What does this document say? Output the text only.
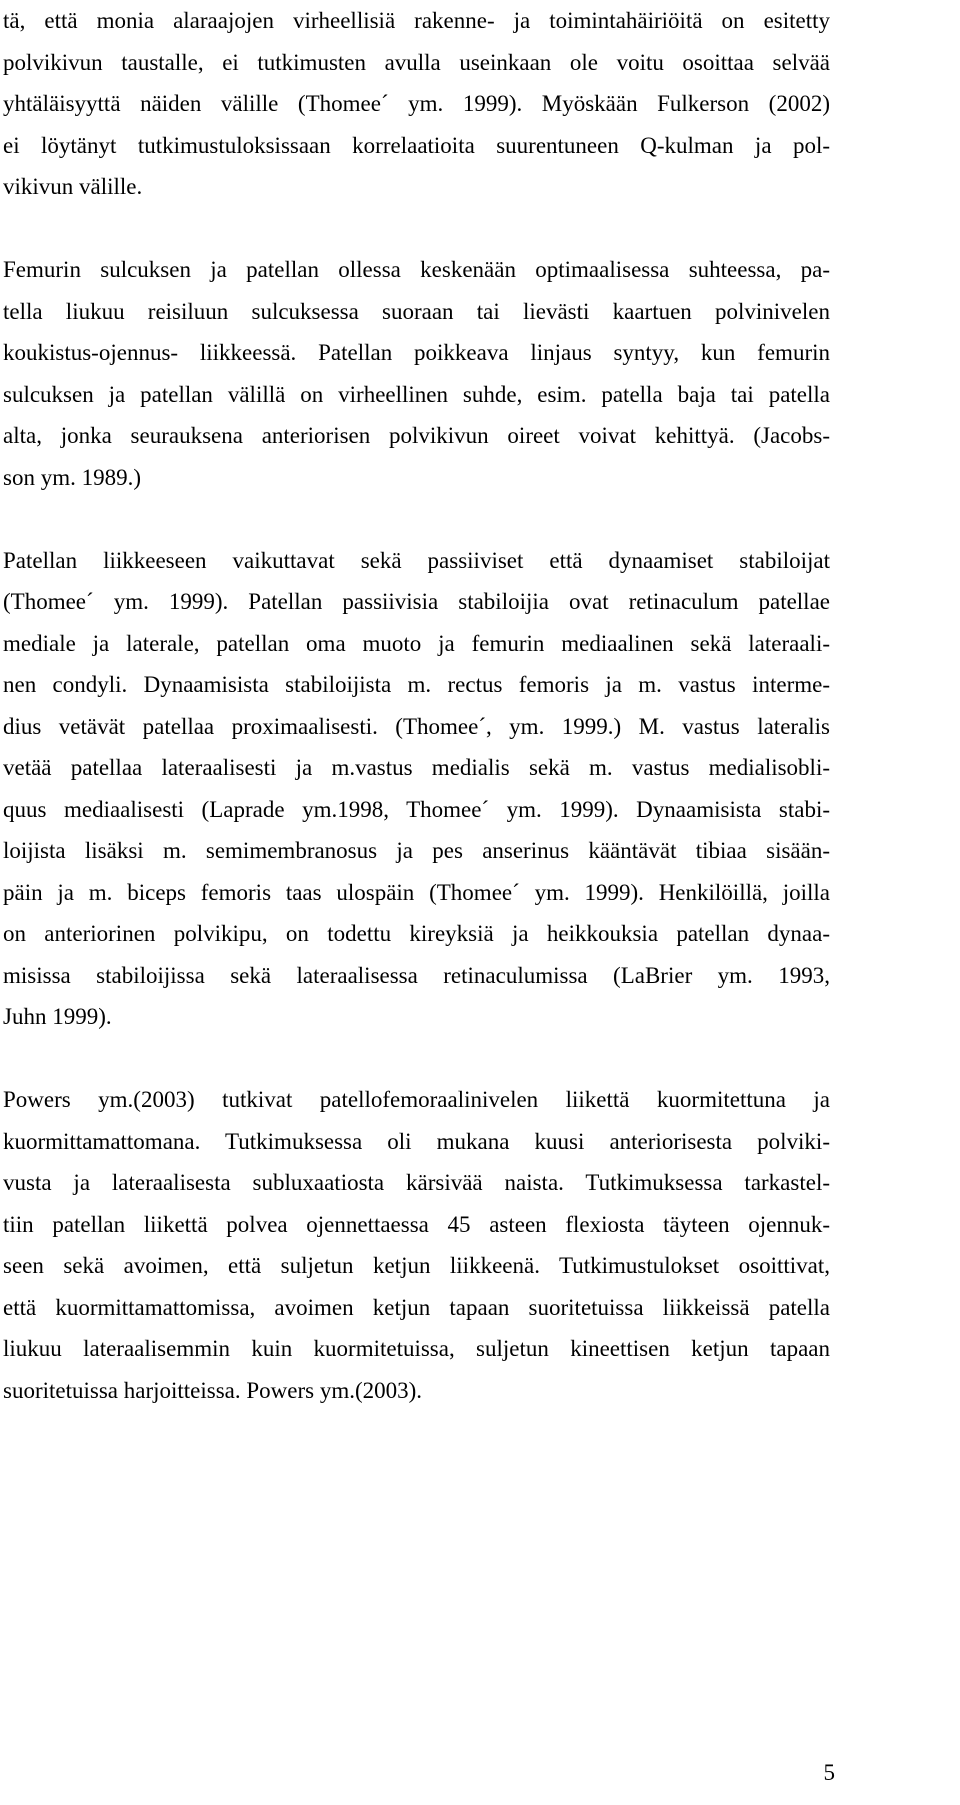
tä, että monia alaraajojen virheellisiä rakenne- ja toimintahäiriöitä on esitetty
polvikivun taustalle, ei tutkimusten avulla useinkaan ole voitu osoittaa selvää
yhtäläisyyttä näiden välille (Thomee´ ym. 1999). Myöskään Fulkerson (2002)
ei löytänyt tutkimustuloksissaan korrelaatioita suurentuneen Q-kulman ja pol-
vikivun välille.
Femurin sulcuksen ja patellan ollessa keskenään optimaalisessa suhteessa, pa-
tella liukuu reisiluun sulcuksessa suoraan tai lievästi kaartuen polvinivelen
koukistus-ojennus- liikkeessä. Patellan poikkeava linjaus syntyy, kun femurin
sulcuksen ja patellan välillä on virheellinen suhde, esim. patella baja tai patella
alta, jonka seurauksena anteriorisen polvikivun oireet voivat kehittyä. (Jacobs-
son ym. 1989.)
Patellan liikkeeseen vaikuttavat sekä passiiviset että dynaamiset stabiloijat
(Thomee´ ym. 1999). Patellan passiivisia stabiloijia ovat retinaculum patellae
mediale ja laterale, patellan oma muoto ja femurin mediaalinen sekä lateraali-
nen condyli. Dynaamisista stabiloijista m. rectus femoris ja m. vastus interme-
dius vetävät patellaa proximaalisesti. (Thomee´, ym. 1999.) M. vastus lateralis
vetää patellaa lateraalisesti ja m.vastus medialis sekä m. vastus medialisobli-
quus mediaalisesti (Laprade ym.1998, Thomee´ ym. 1999). Dynaamisista stabi-
loijista lisäksi m. semimembranosus ja pes anserinus kääntävät tibiaa sisään-
päin ja m. biceps femoris taas ulospäin (Thomee´ ym. 1999). Henkilöillä, joilla
on anteriorinen polvikipu, on todettu kireyksiä ja heikkouksia patellan dynaa-
misissa stabiloijissa sekä lateraalisessa retinaculumissa (LaBrier ym. 1993,
Juhn 1999).
Powers ym.(2003) tutkivat patellofemoraalinivelen liikettä kuormitettuna ja
kuormittamattomana. Tutkimuksessa oli mukana kuusi anteriorisesta polviki-
vusta ja lateraalisesta subluxaatiosta kärsivää naista. Tutkimuksessa tarkastel-
tiin patellan liikettä polvea ojennettaessa 45 asteen flexiosta täyteen ojennuk-
seen sekä avoimen, että suljetun ketjun liikkeenä. Tutkimustulokset osoittivat,
että kuormittamattomissa, avoimen ketjun tapaan suoritetuissa liikkeissä patella
liukuu lateraalisemmin kuin kuormitetuissa, suljetun kineettisen ketjun tapaan
suoritetuissa harjoitteissa. Powers ym.(2003).
5
